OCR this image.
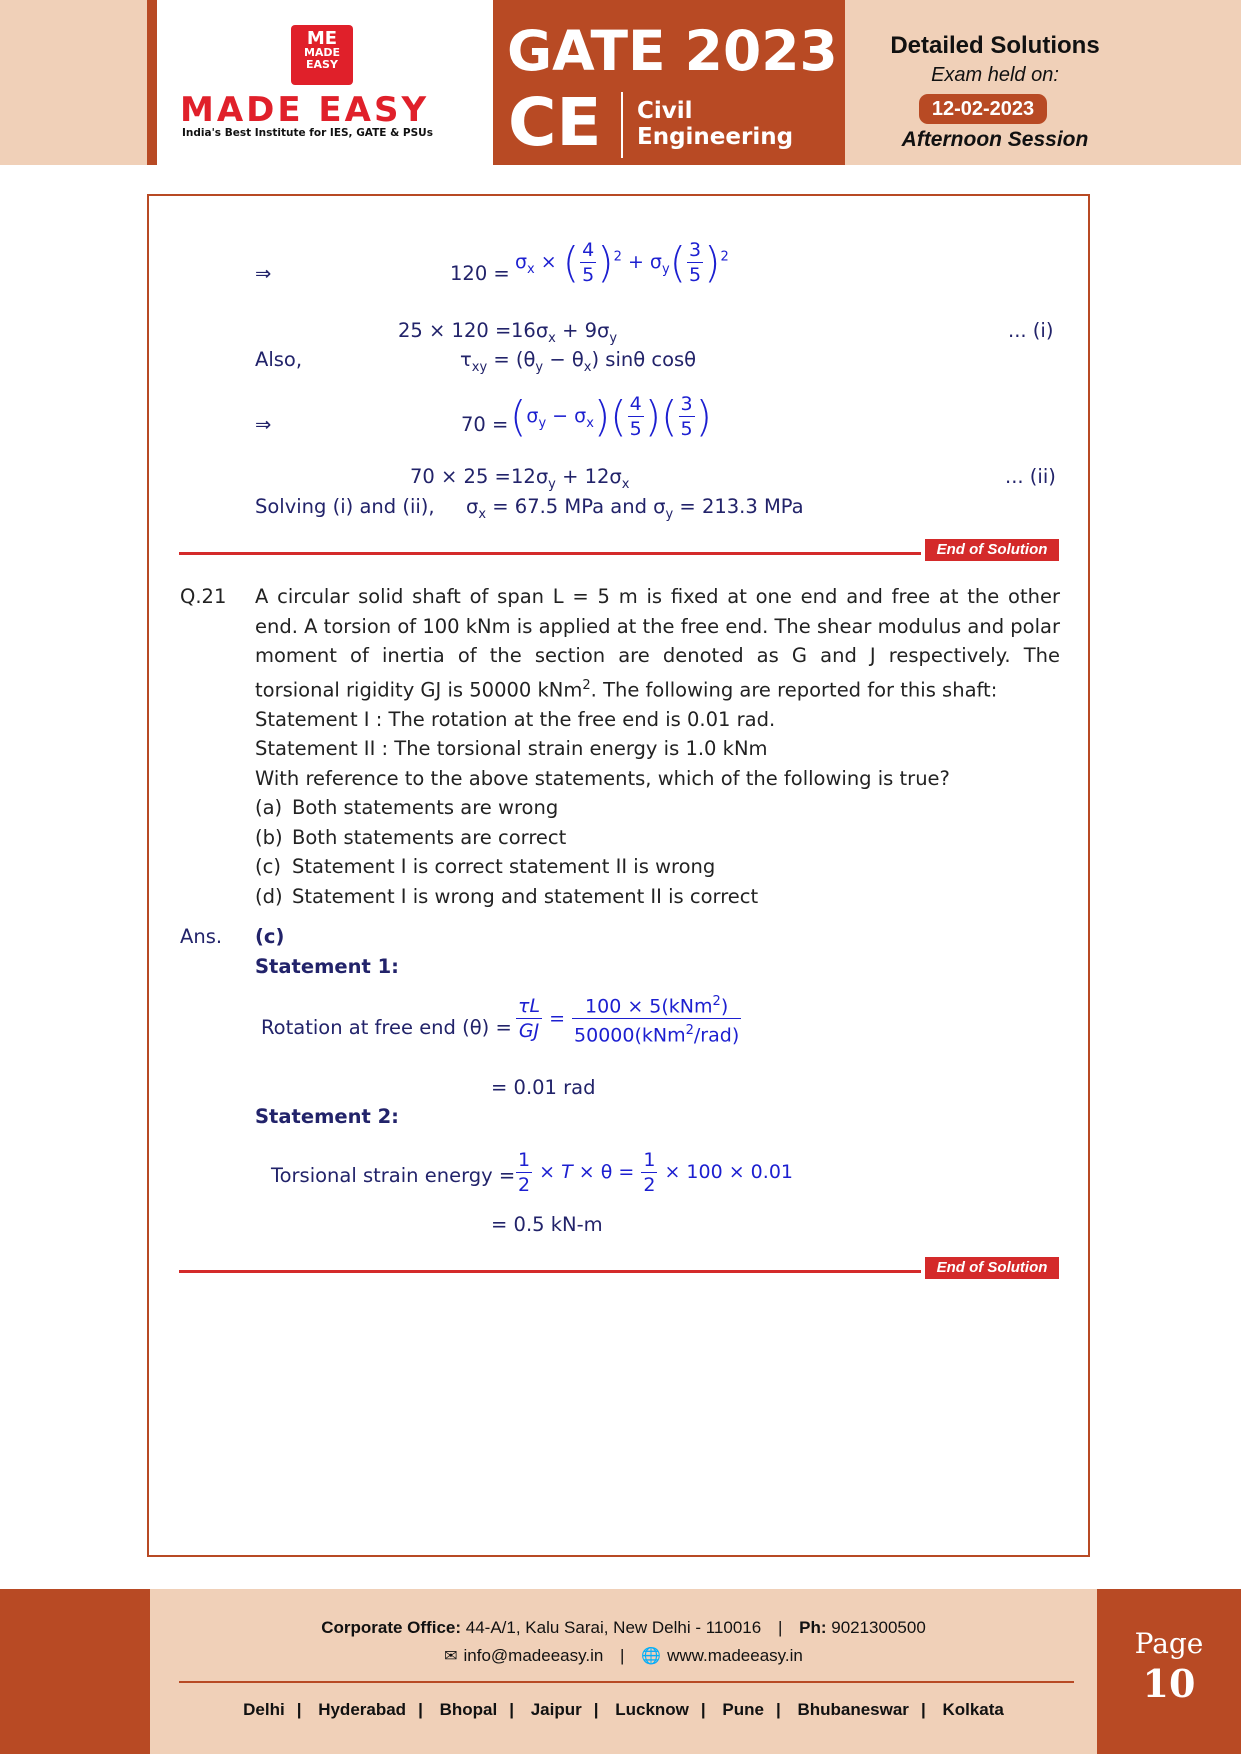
ME
MADE EASY
MADE EASY
India's Best Institute for IES, GATE & PSUs
GATE 2023
CE Civil
Engineering
Detailed Solutions
Exam held on:
12-02-2023
Afternoon Session
⇒	$120 = \sigma_x$ × ( $\frac{4}{5} )^2 + \sigma_y( \frac{3}{5} )^2$
$25 \times 120 = 16\sigma_x + 9\sigma_y$	... (i)
Also,	$\tau_{xy} = (\theta_y - \theta_x)$ sinθ cosθ
⇒	$70 = (\sigma_y - \sigma_x)( \frac{4}{5}$ )( $\frac{3}{5}$ )
$70 \times 25 = 12\sigma_y + 12\sigma_x$	... (ii)
Solving (i) and (ii), $\sigma_x = 67.5$ MPa and $\sigma_y = 213.3$ MPa
End of Solution
Q.21 A circular solid shaft of span L = 5 m is fixed at one end and free at the other end. A torsion of 100 kNm is applied at the free end. The shear modulus and polar moment of inertia of the section are denoted as G and J respectively. The torsional rigidity GJ is 50000 kNm$^2$. The following are reported for this shaft:

Statement I : The rotation at the free end is 0.01 rad.

Statement II : The torsional strain energy is 1.0 kNm

With reference to the above statements, which of the following is true?

(a) Both statements are wrong
(b) Both statements are correct
(c) Statement I is correct statement II is wrong
(d) Statement I is wrong and statement II is correct
Ans. (c)
Statement 1:
Rotation at free end $(\theta) = \frac{\tau L}{GJ} = \frac{100 \times 5(kNm^2)}{50000(kNm^2/rad)}$
= 0.01 rad
Statement 2:
Torsional strain energy = $\frac{1}{2} \times T \times \theta = \frac{1}{2} \times 100 \times 0.01$
= 0.5 kN-m
End of Solution
Corporate Office: 44-A/1, Kalu Sarai, New Delhi - 110016 | Ph: 9021300500
✉ info@madeeasy.in | 🌐 www.madeeasy.in
Delhi | Hyderabad | Bhopal | Jaipur | Lucknow | Pune | Bhubaneswar | Kolkata
Page
10
